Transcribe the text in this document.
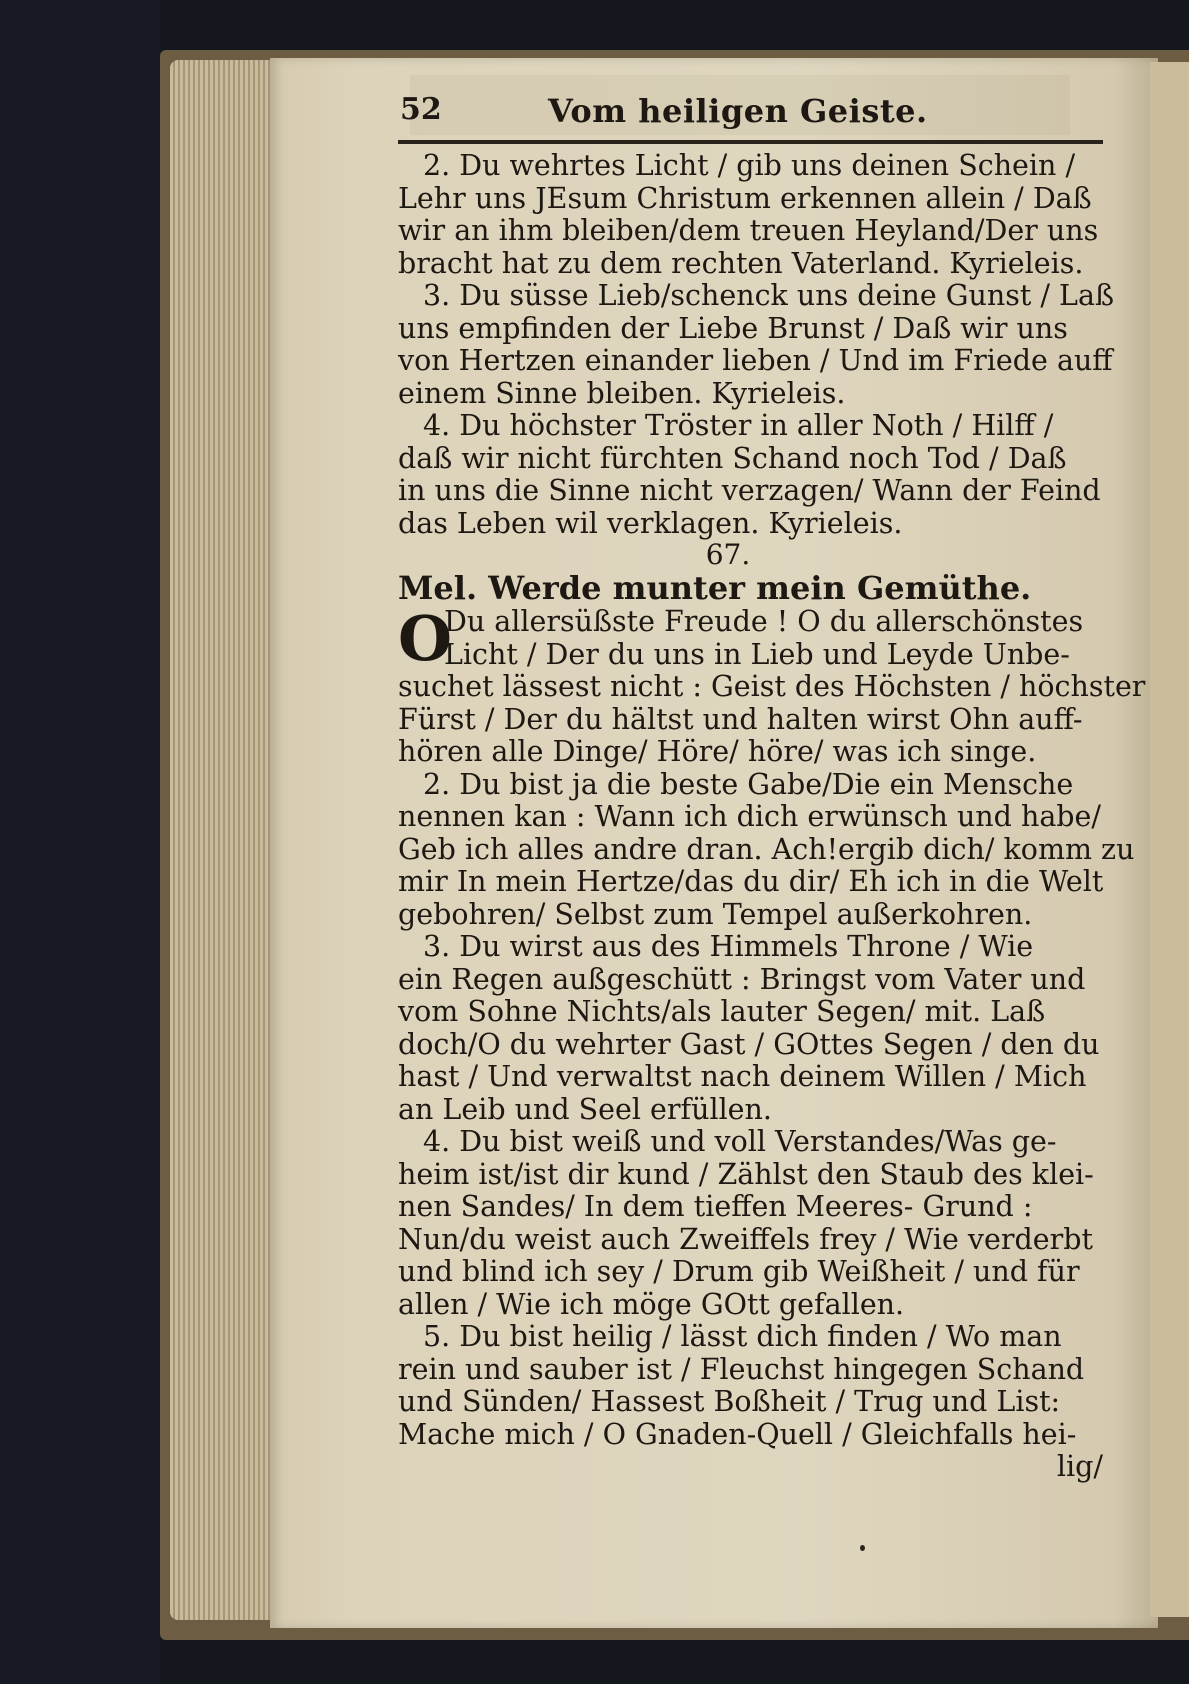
52	Vom heiligen Geiste.
2. Du wehrtes Licht / gib uns deinen Schein /
Lehr uns JEsum Christum erkennen allein / Daß
wir an ihm bleiben/dem treuen Heyland/Der uns
bracht hat zu dem rechten Vaterland. Kyrieleis.
3. Du süsse Lieb/schenck uns deine Gunst / Laß
uns empfinden der Liebe Brunst / Daß wir uns
von Hertzen einander lieben / Und im Friede auff
einem Sinne bleiben. Kyrieleis.
4. Du höchster Tröster in aller Noth / Hilff /
daß wir nicht fürchten Schand noch Tod / Daß
in uns die Sinne nicht verzagen/ Wann der Feind
das Leben wil verklagen. Kyrieleis.
67.
Mel. Werde munter mein Gemüthe.
O
Du allersüßste Freude ! O du allerschönstes
Licht / Der du uns in Lieb und Leyde Unbe-
suchet lässest nicht : Geist des Höchsten / höchster
Fürst / Der du hältst und halten wirst Ohn auff-
hören alle Dinge/ Höre/ höre/ was ich singe.
2. Du bist ja die beste Gabe/Die ein Mensche
nennen kan : Wann ich dich erwünsch und habe/
Geb ich alles andre dran. Ach!ergib dich/ komm zu
mir In mein Hertze/das du dir/ Eh ich in die Welt
gebohren/ Selbst zum Tempel außerkohren.
3. Du wirst aus des Himmels Throne / Wie
ein Regen außgeschütt : Bringst vom Vater und
vom Sohne Nichts/als lauter Segen/ mit. Laß
doch/O du wehrter Gast / GOttes Segen / den du
hast / Und verwaltst nach deinem Willen / Mich
an Leib und Seel erfüllen.
4. Du bist weiß und voll Verstandes/Was ge-
heim ist/ist dir kund / Zählst den Staub des klei-
nen Sandes/ In dem tieffen Meeres- Grund :
Nun/du weist auch Zweiffels frey / Wie verderbt
und blind ich sey / Drum gib Weißheit / und für
allen / Wie ich möge GOtt gefallen.
5. Du bist heilig / lässt dich finden / Wo man
rein und sauber ist / Fleuchst hingegen Schand
und Sünden/ Hassest Boßheit / Trug und List:
Mache mich / O Gnaden-Quell / Gleichfalls hei-
lig/
